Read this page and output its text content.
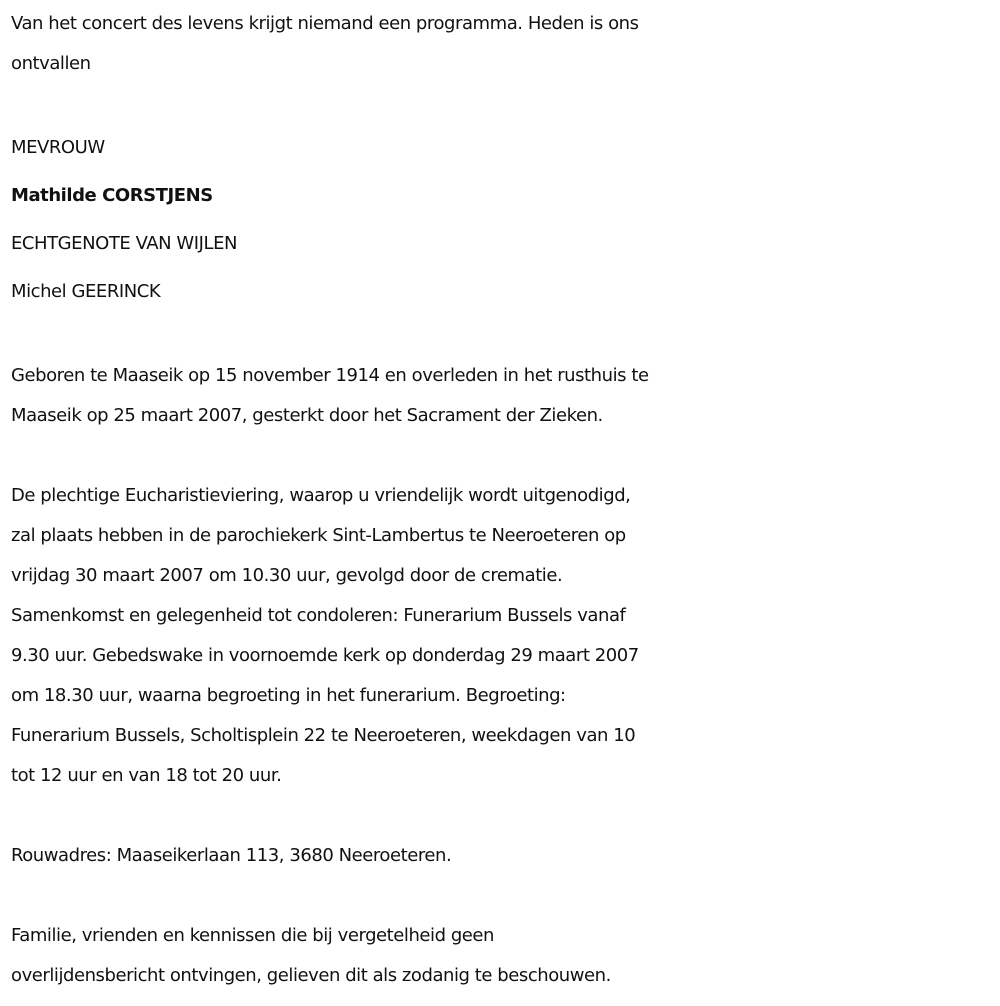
Van het concert des levens krijgt niemand een programma. Heden is ons
ontvallen
MEVROUW
Mathilde CORSTJENS
ECHTGENOTE VAN WIJLEN
Michel GEERINCK
Geboren te Maaseik op 15 november 1914 en overleden in het rusthuis te
Maaseik op 25 maart 2007, gesterkt door het Sacrament der Zieken.
De plechtige Eucharistieviering, waarop u vriendelijk wordt uitgenodigd,
zal plaats hebben in de parochiekerk Sint-Lambertus te Neeroeteren op
vrijdag 30 maart 2007 om 10.30 uur, gevolgd door de crematie.
Samenkomst en gelegenheid tot condoleren: Funerarium Bussels vanaf
9.30 uur. Gebedswake in voornoemde kerk op donderdag 29 maart 2007
om 18.30 uur, waarna begroeting in het funerarium. Begroeting:
Funerarium Bussels, Scholtisplein 22 te Neeroeteren, weekdagen van 10
tot 12 uur en van 18 tot 20 uur.
Rouwadres: Maaseikerlaan 113, 3680 Neeroeteren.
Familie, vrienden en kennissen die bij vergetelheid geen
overlijdensbericht ontvingen, gelieven dit als zodanig te beschouwen.
